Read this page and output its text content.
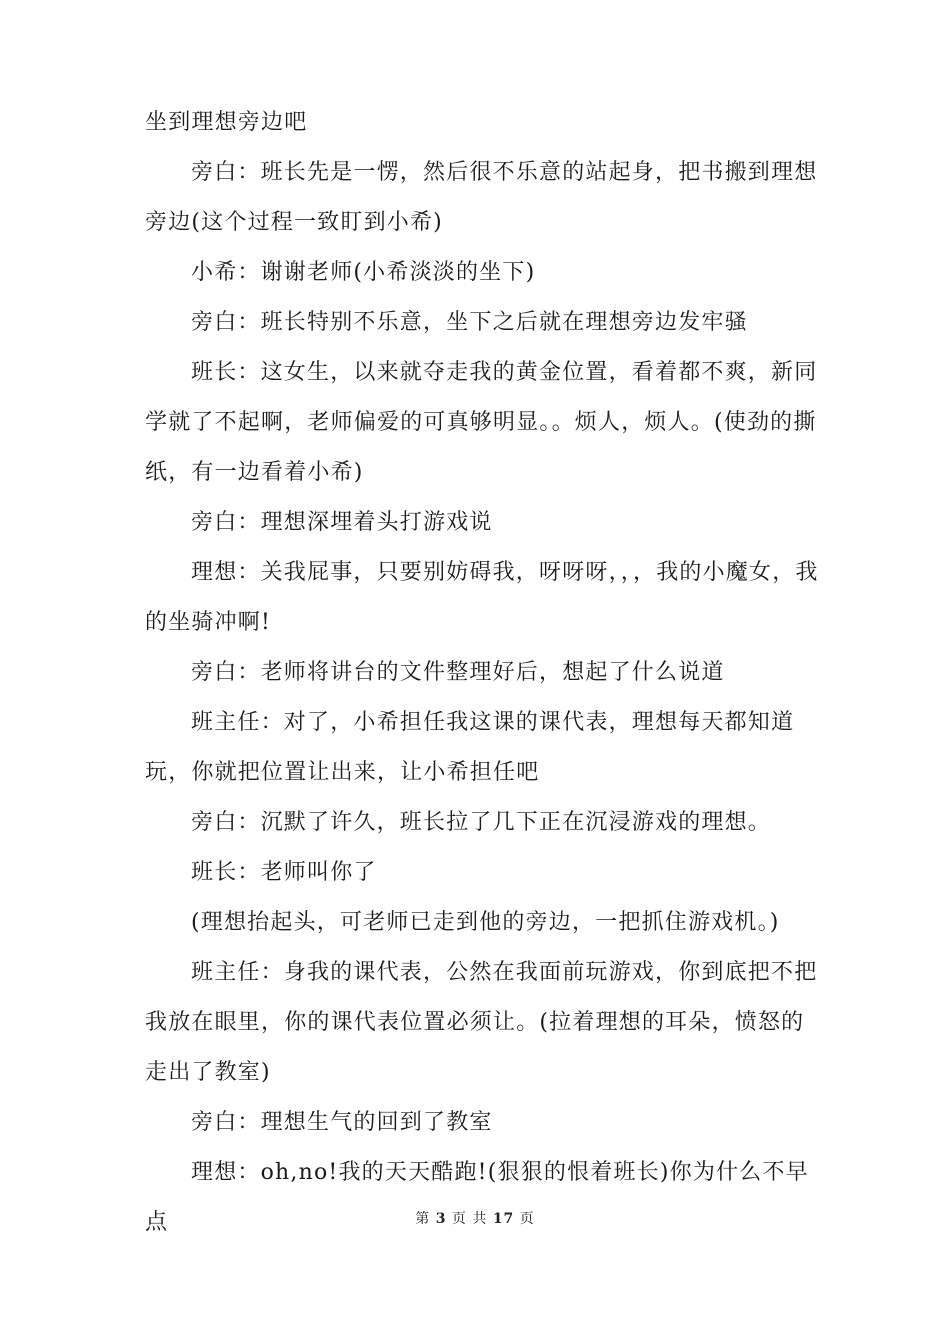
坐到理想旁边吧

旁白：班长先是一愣，然后很不乐意的站起身，把书搬到理想旁边(这个过程一致盯到小希)

小希：谢谢老师(小希淡淡的坐下)

旁白：班长特别不乐意，坐下之后就在理想旁边发牢骚

班长：这女生，以来就夺走我的黄金位置，看着都不爽，新同学就了不起啊，老师偏爱的可真够明显。。烦人，烦人。(使劲的撕纸，有一边看着小希)

旁白：理想深埋着头打游戏说

理想：关我屁事，只要别妨碍我，呀呀呀，，，我的小魔女，我的坐骑冲啊!

旁白：老师将讲台的文件整理好后，想起了什么说道

班主任：对了，小希担任我这课的课代表，理想每天都知道玩，你就把位置让出来，让小希担任吧

旁白：沉默了许久，班长拉了几下正在沉浸游戏的理想。

班长：老师叫你了

(理想抬起头，可老师已走到他的旁边，一把抓住游戏机。)

班主任：身我的课代表，公然在我面前玩游戏，你到底把不把我放在眼里，你的课代表位置必须让。(拉着理想的耳朵，愤怒的走出了教室)

旁白：理想生气的回到了教室

理想：oh,no!我的天天酷跑!(狠狠的恨着班长)你为什么不早点	第 3 页 共 17 页
